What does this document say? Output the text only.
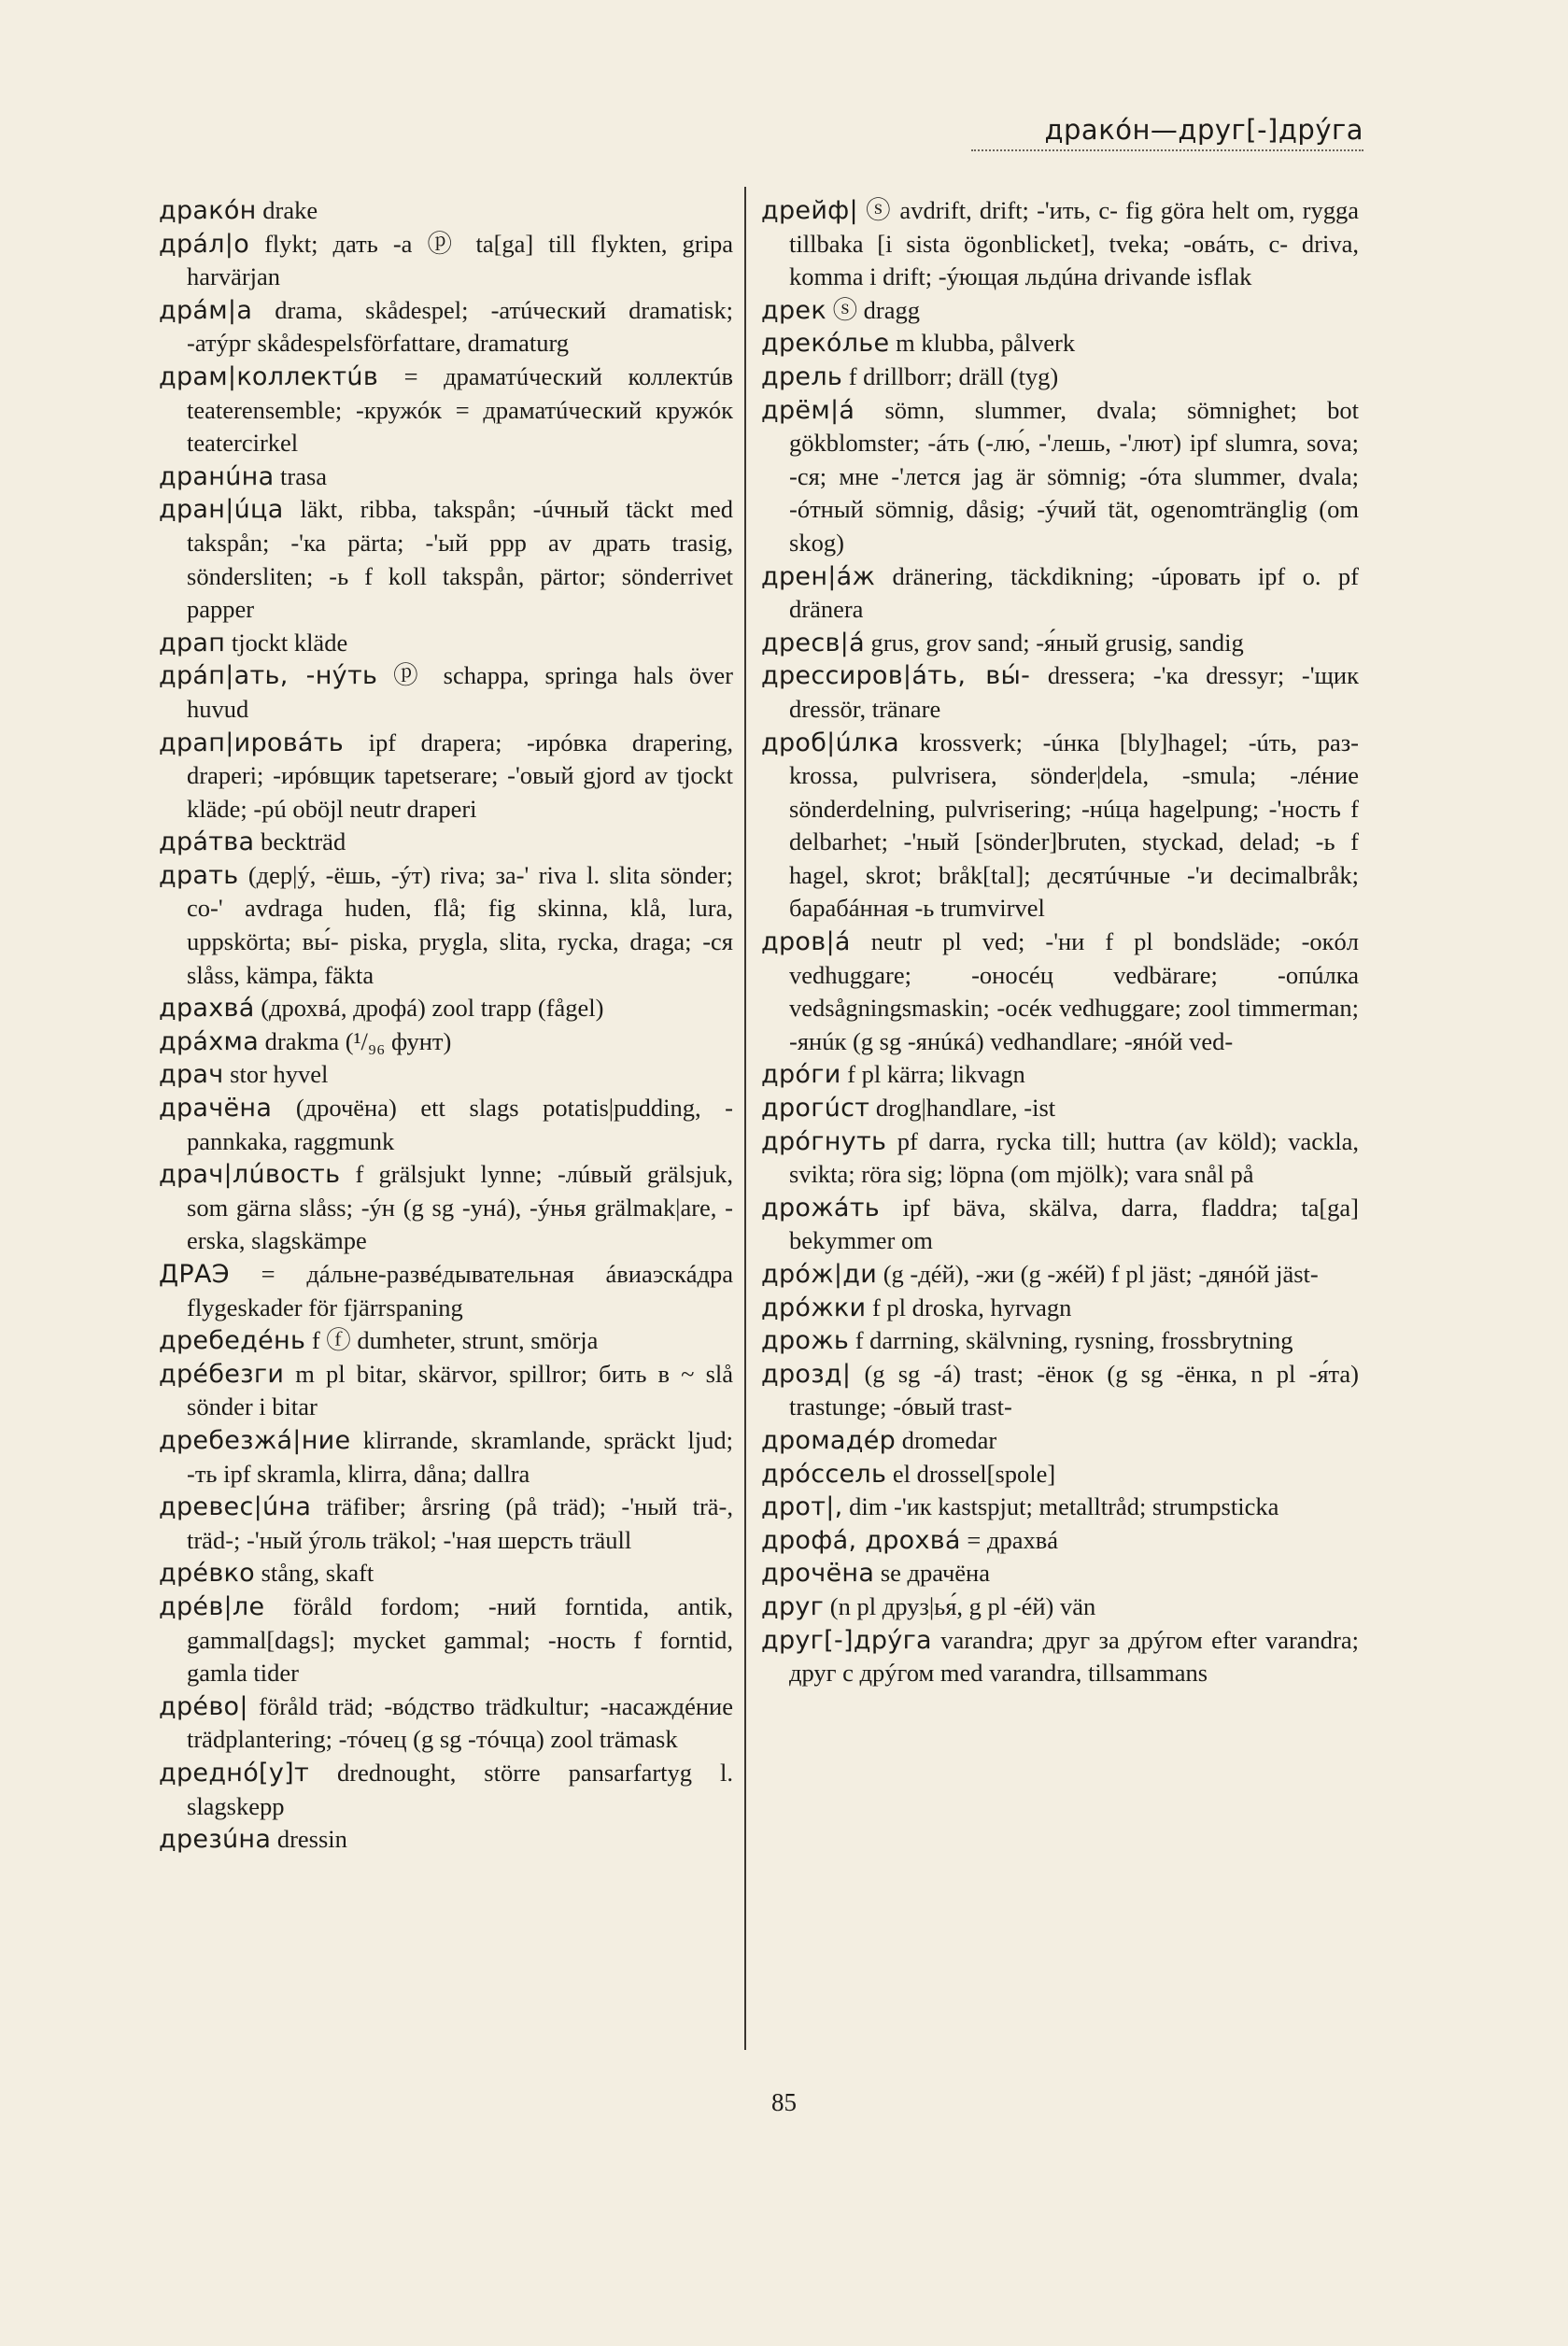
дракóн—друг[-]дрýга
дракóн drake
дрáл|о flykt; дать -а ⓟ ta[ga] till flykten, gripa harvärjan
дрáм|а drama, skådespel; -атúческий dramatisk; -атýрг skådespelsförfattare, dramaturg
драм|коллектúв = драматúческий коллектúв teaterensemble; -кружóк = драматúческий кружóк teatercirkel
дранúна trasa
дран|úца läkt, ribba, takspån; -úчный täckt med takspån; -'ка pärta; -'ый ppp av драть trasig, söndersliten; -ь f koll takspån, pärtor; sönderrivet papper
драп tjockt kläde
дрáп|ать, -нýть ⓟ schappa, springa hals över huvud
драп|ировáть ipf drapera; -ирóвка drapering, draperi; -ирóвщик tapetserare; -'овый gjord av tjockt kläde; -рú oböjl neutr draperi
дрáтва beckträd
драть (дер|ý, -ёшь, -ýт) riva; за-' riva l. slita sönder; со-' avdraga huden, flå; fig skinna, klå, lura, uppskörta; вы́- piska, prygla, slita, rycka, draga; -ся slåss, kämpa, fäkta
драхвá (дрохвá, дрофá) zool trapp (fågel)
дрáхма drakma (¹/₉₆ фунт)
драч stor hyvel
драчёна (дрочёна) ett slags potatis|pudding, -pannkaka, raggmunk
драч|лúвость f grälsjukt lynne; -лúвый grälsjuk, som gärna slåss; -ýн (g sg -унá), -ýнья grälmak|are, -erska, slagskämpe
ДРАЭ = дáльне-развéдывательная áвиаэскáдра flygeskader för fjärrspaning
дребедéнь f ⓕ dumheter, strunt, smörja
дрéбезги m pl bitar, skärvor, spillror; бить в ~ slå sönder i bitar
дребезжá|ние klirrande, skramlande, spräckt ljud; -ть ipf skramla, klirra, dåna; dallra
древес|úна träfiber; årsring (på träd); -'ный trä-, träd-; -'ный ýголь träkol; -'ная шерсть träull
дрéвко stång, skaft
дрéв|ле föråld fordom; -ний forntida, antik, gammal[dags]; mycket gammal; -ность f forntid, gamla tider
дрéво| föråld träd; -вóдство trädkultur; -насаждéние trädplantering; -тóчец (g sg -тóчца) zool trämask
дреднó[у]т drednought, större pansarfartyg l. slagskepp
дрезúна dressin
дрейф| ⓢ avdrift, drift; -'ить, с- fig göra helt om, rygga tillbaka [i sista ögonblicket], tveka; -овáть, с- driva, komma i drift; -ýющая льдúна drivande isflak
дрек ⓢ dragg
дрекóлье m klubba, pålverk
дрель f drillborr; dräll (tyg)
дрём|á sömn, slummer, dvala; sömnighet; bot gökblomster; -áть (-лю́, -'лешь, -'лют) ipf slumra, sova; -ся; мне -'лется jag är sömnig; -óта slummer, dvala; -óтный sömnig, dåsig; -ýчий tät, ogenomtränglig (om skog)
дрен|áж dränering, täckdikning; -úровать ipf o. pf dränera
дресв|á grus, grov sand; -я́ный grusig, sandig
дрессиров|áть, вы́- dressera; -'ка dressyr; -'щик dressör, tränare
дроб|úлка krossverk; -úнка [bly]hagel; -úть, раз- krossa, pulvrisera, sönder|dela, -smula; -лéние sönderdelning, pulvrisering; -нúца hagelpung; -'ность f delbarhet; -'ный [sönder]bruten, styckad, delad; -ь f hagel, skrot; bråk[tal]; десятúчные -'и decimalbråk; барабáнная -ь trumvirvel
дров|á neutr pl ved; -'ни f pl bondsläde; -окóл vedhuggare; -оносéц vedbärare; -опúлка vedsågningsmaskin; -осéк vedhuggare; zool timmerman; -янúк (g sg -янúкá) vedhandlare; -янóй ved-
дрóги f pl kärra; likvagn
дрогúст drog|handlare, -ist
дрóгнуть pf darra, rycka till; huttra (av köld); vackla, svikta; röra sig; löpna (om mjölk); vara snål på
дрожáть ipf bäva, skälva, darra, fladdra; ta[ga] bekymmer om
дрóж|ди (g -дéй), -жи (g -жéй) f pl jäst; -дянóй jäst-
дрóжки f pl droska, hyrvagn
дрожь f darrning, skälvning, rysning, frossbrytning
дрозд| (g sg -á) trast; -ёнок (g sg -ёнка, n pl -я́та) trastunge; -óвый trast-
дромадéр dromedar
дрóссель el drossel[spole]
дрот|, dim -'ик kastspjut; metalltråd; strumpsticka
дрофá, дрохвá = драхвá
дрочёна se драчёна
друг (n pl друз|ья́, g pl -éй) vän
друг[-]дрýга varandra; друг за дрýгом efter varandra; друг с дрýгом med varandra, tillsammans
85
